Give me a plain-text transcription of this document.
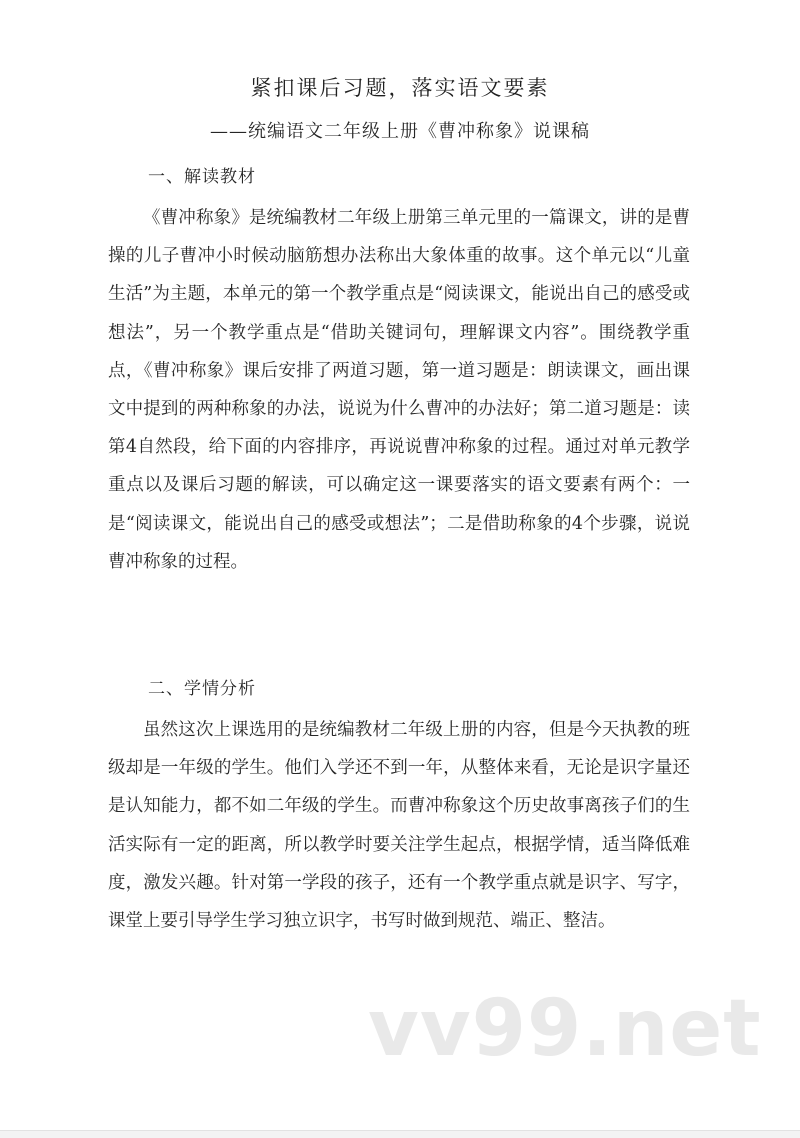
紧扣课后习题，落实语文要素
——统编语文二年级上册《曹冲称象》说课稿
一、解读教材

《曹冲称象》是统编教材二年级上册第三单元里的一篇课文，讲的是曹操的儿子曹冲小时候动脑筋想办法称出大象体重的故事。这个单元以“儿童生活”为主题，本单元的第一个教学重点是“阅读课文，能说出自己的感受或想法”，另一个教学重点是“借助关键词句，理解课文内容”。围绕教学重点，《曹冲称象》课后安排了两道习题，第一道习题是：朗读课文，画出课文中提到的两种称象的办法，说说为什么曹冲的办法好；第二道习题是：读第4自然段，给下面的内容排序，再说说曹冲称象的过程。通过对单元教学重点以及课后习题的解读，可以确定这一课要落实的语文要素有两个：一是“阅读课文，能说出自己的感受或想法”；二是借助称象的4个步骤，说说曹冲称象的过程。

二、学情分析

虽然这次上课选用的是统编教材二年级上册的内容，但是今天执教的班级却是一年级的学生。他们入学还不到一年，从整体来看，无论是识字量还是认知能力，都不如二年级的学生。而曹冲称象这个历史故事离孩子们的生活实际有一定的距离，所以教学时要关注学生起点，根据学情，适当降低难度，激发兴趣。针对第一学段的孩子，还有一个教学重点就是识字、写字，课堂上要引导学生学习独立识字，书写时做到规范、端正、整洁。

vv99.net
